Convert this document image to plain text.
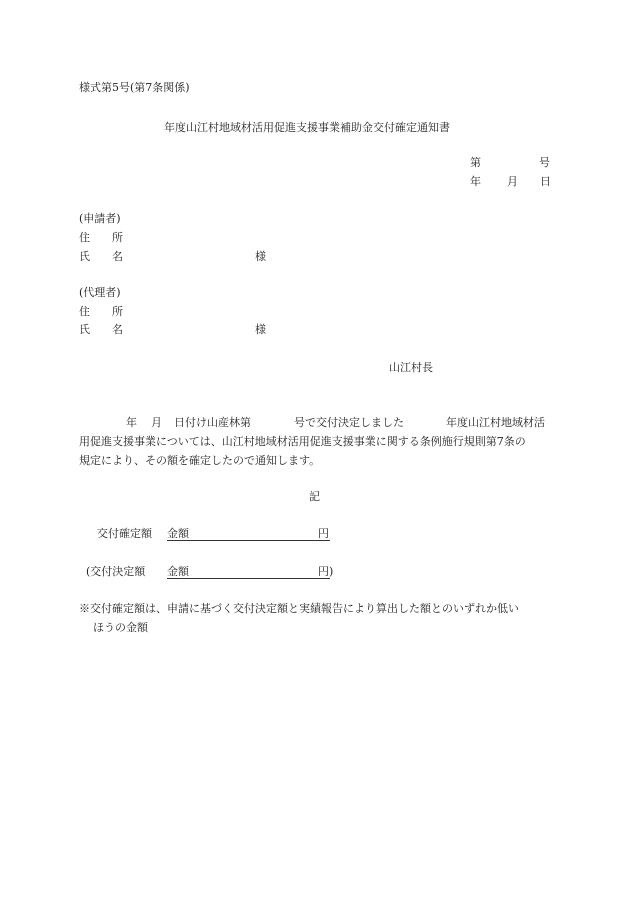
様式第5号(第7条関係)
年度山江村地域材活用促進支援事業補助金交付確定通知書
第	号
年 月 日
(申請者)
住　　所
氏　　名	様
(代理者)
住　　所
氏　　名	様
山江村長
年 月 日付け山産林第	号で交付決定しました	年度山江村地域材活
用促進支援事業については、山江村地域材活用促進支援事業に関する条例施行規則第7条の
規定により、その額を確定したので通知します。
記
交付確定額 金額	円
(交付決定額 金額	円)
※交付確定額は、申請に基づく交付決定額と実績報告により算出した額とのいずれか低い
ほうの金額
